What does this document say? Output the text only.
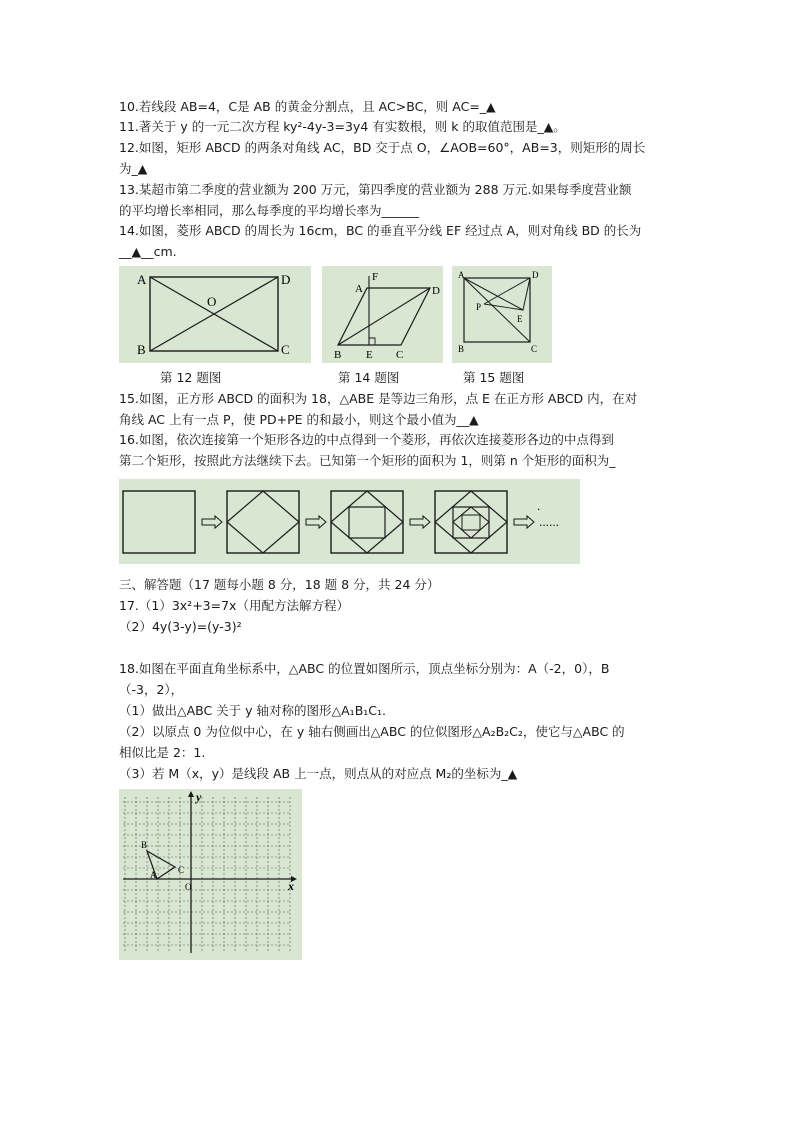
10.若线段 AB=4，C是 AB 的黄金分割点，且 AC>BC，则 AC=_▲
11.著关于 y 的一元二次方程 ky²-4y-3=3y4 有实数根，则 k 的取值范围是_▲。
12.如图，矩形 ABCD 的两条对角线 AC，BD 交于点 O，∠AOB=60°，AB=3，则矩形的周长
为_▲
13.某超市第二季度的营业额为 200 万元，第四季度的营业额为 288 万元.如果每季度营业额
的平均增长率相同，那么每季度的平均增长率为______
14.如图，菱形 ABCD 的周长为 16cm，BC 的垂直平分线 EF 经过点 A，则对角线 BD 的长为
__▲__cm.
A
B	C
D
O
F
A	D
B E C
A	D
B	C
P
E
第 12 题图	第 14 题图	第 15 题图
15.如图，正方形 ABCD 的面积为 18，△ABE 是等边三角形，点 E 在正方形 ABCD 内，在对
角线 AC 上有一点 P，使 PD+PE 的和最小，则这个最小值为__▲
16.如图，依次连接第一个矩形各边的中点得到一个菱形，再依次连接菱形各边的中点得到
第二个矩形，按照此方法继续下去。已知第一个矩形的面积为 1，则第 n 个矩形的面积为_
.
......
三、解答题（17 题每小题 8 分，18 题 8 分，共 24 分）
17.（1）3x²+3=7x（用配方法解方程）
（2）4y(3-y)=(y-3)²
18.如图在平面直角坐标系中，△ABC 的位置如图所示，顶点坐标分别为：A（-2，0），B
（-3，2），
（1）做出△ABC 关于 y 轴对称的图形△A₁B₁C₁.
（2）以原点 0 为位似中心，在 y 轴右侧画出△ABC 的位似图形△A₂B₂C₂，使它与△ABC 的
相似比是 2：1.
（3）若 M（x，y）是线段 AB 上一点，则点从的对应点 M₂的坐标为_▲
x
y
O
A
B
C
